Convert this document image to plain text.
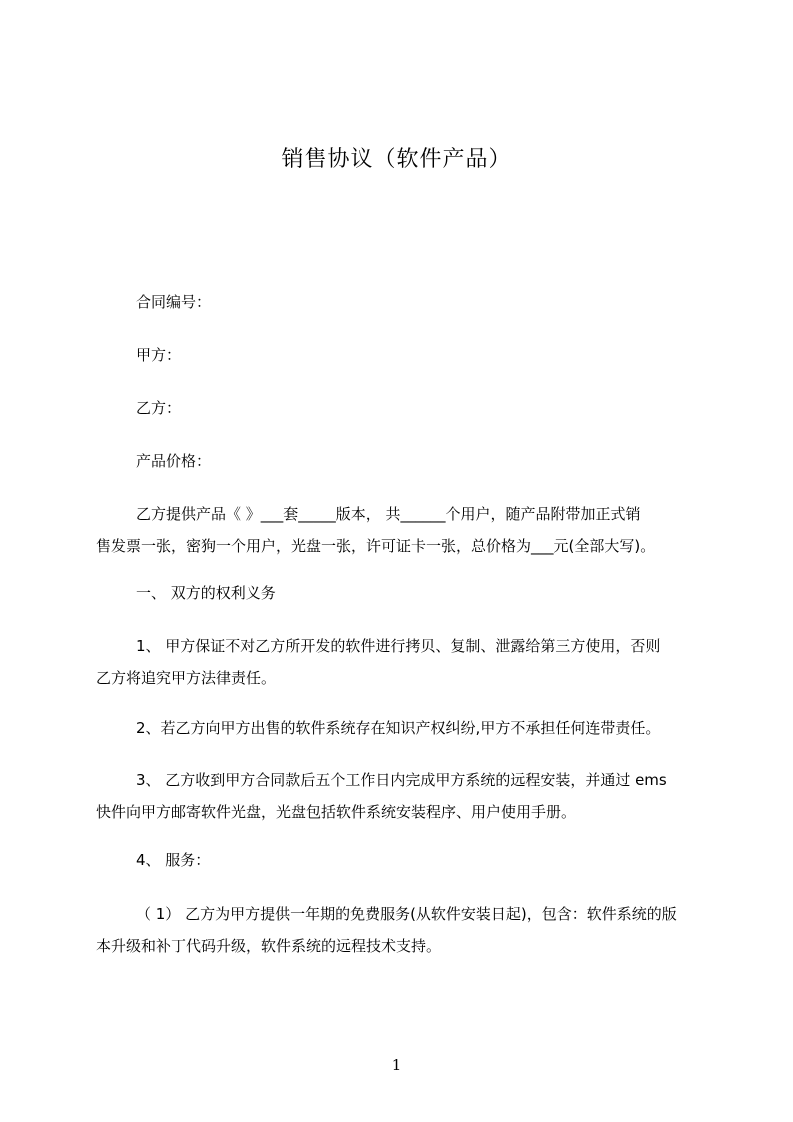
销售协议（软件产品）
合同编号：
甲方：
乙方：
产品价格：
乙方提供产品《 》___套_____版本， 共______个用户，随产品附带加正式销
售发票一张，密狗一个用户，光盘一张，许可证卡一张，总价格为___元(全部大写)。
一、 双方的权利义务
1、 甲方保证不对乙方所开发的软件进行拷贝、复制、泄露给第三方使用，否则
乙方将追究甲方法律责任。
2、若乙方向甲方出售的软件系统存在知识产权纠纷,甲方不承担任何连带责任。
3、 乙方收到甲方合同款后五个工作日内完成甲方系统的远程安装，并通过 ems
快件向甲方邮寄软件光盘，光盘包括软件系统安装程序、用户使用手册。
4、 服务：
（ 1） 乙方为甲方提供一年期的免费服务(从软件安装日起)，包含：软件系统的版
本升级和补丁代码升级，软件系统的远程技术支持。
1
